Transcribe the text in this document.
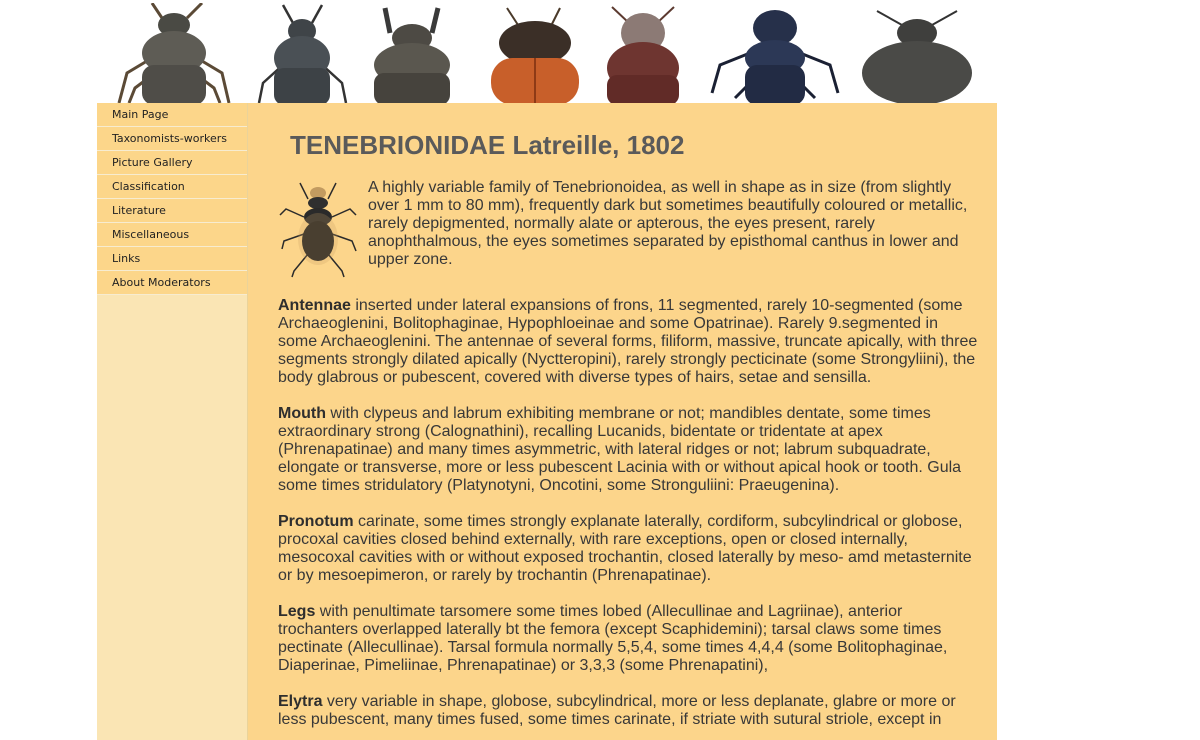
Main Page
Taxonomists-workers
Picture Gallery
Classification
Literature
Miscellaneous
Links
About Moderators
TENEBRIONIDAE Latreille, 1802

A highly variable family of Tenebrionoidea, as well in shape as in size (from slightly over 1 mm to 80 mm), frequently dark but sometimes beautifully coloured or metallic, rarely depigmented, normally alate or apterous, the eyes present, rarely anophthalmous, the eyes sometimes separated by episthomal canthus in lower and upper zone.

Antennae inserted under lateral expansions of frons, 11 segmented, rarely 10-segmented (some Archaeoglenini, Bolitophaginae, Hypophloeinae and some Opatrinae). Rarely 9.segmented in some Archaeoglenini. The antennae of several forms, filiform, massive, truncate apically, with three segments strongly dilated apically (Nyctteropini), rarely strongly pecticinate (some Strongyliini), the body glabrous or pubescent, covered with diverse types of hairs, setae and sensilla.

Mouth with clypeus and labrum exhibiting membrane or not; mandibles dentate, some times extraordinary strong (Calognathini), recalling Lucanids, bidentate or tridentate at apex (Phrenapatinae) and many times asymmetric, with lateral ridges or not; labrum subquadrate, elongate or transverse, more or less pubescent Lacinia with or without apical hook or tooth. Gula some times stridulatory (Platynotyni, Oncotini, some Stronguliini: Praeugenina).

Pronotum carinate, some times strongly explanate laterally, cordiform, subcylindrical or globose, procoxal cavities closed behind externally, with rare exceptions, open or closed internally, mesocoxal cavities with or without exposed trochantin, closed laterally by meso- amd metasternite or by mesoepimeron, or rarely by trochantin (Phrenapatinae).

Legs with penultimate tarsomere some times lobed (Allecullinae and Lagriinae), anterior trochanters overlapped laterally bt the femora (except Scaphidemini); tarsal claws some times pectinate (Allecullinae). Tarsal formula normally 5,5,4, some times 4,4,4 (some Bolitophaginae, Diaperinae, Pimeliinae, Phrenapatinae) or 3,3,3 (some Phrenapatini),

Elytra very variable in shape, globose, subcylindrical, more or less deplanate, glabre or more or less pubescent, many times fused, some times carinate, if striate with sutural striole, except in
